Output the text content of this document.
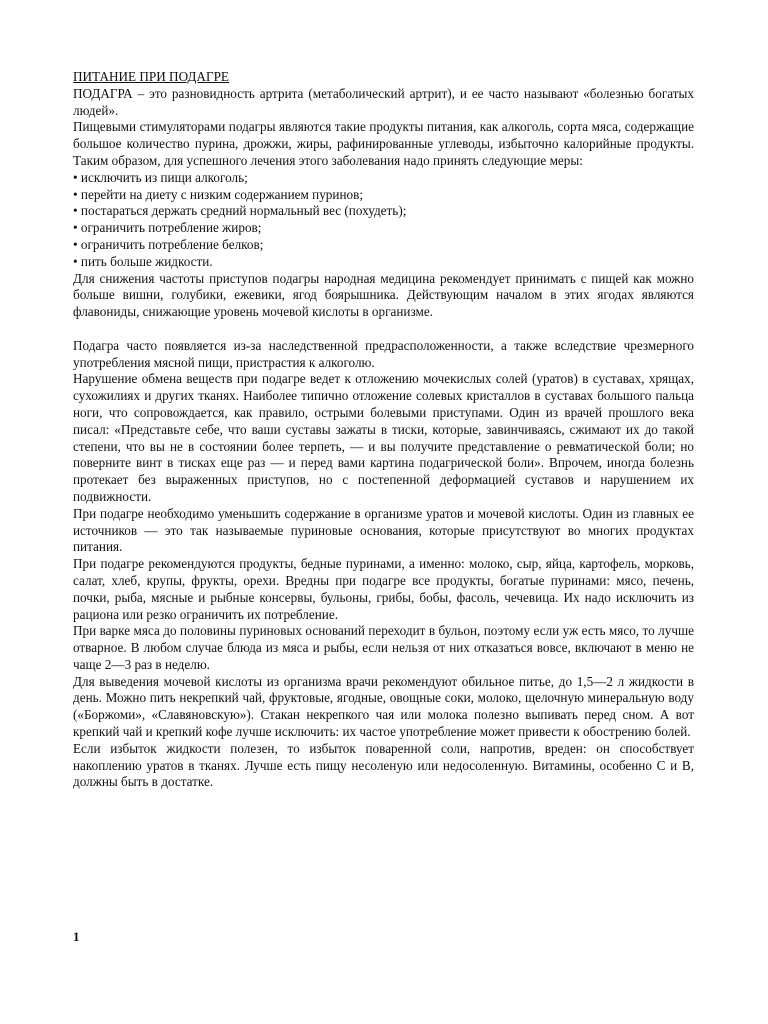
ПИТАНИЕ ПРИ ПОДАГРЕ

ПОДАГРА – это разновидность артрита (метаболический артрит), и ее часто называют «болезнью богатых людей».

Пищевыми стимуляторами подагры являются такие продукты питания, как алкоголь, сорта мяса, содержащие большое количество пурина, дрожжи, жиры, рафинированные углеводы, избыточно калорийные продукты. Таким образом, для успешного лечения этого заболевания надо принять следующие меры:

• исключить из пищи алкоголь;
• перейти на диету с низким содержанием пуринов;
• постараться держать средний нормальный вес (похудеть);
• ограничить потребление жиров;
• ограничить потребление белков;
• пить больше жидкости.

Для снижения частоты приступов подагры народная медицина рекомендует принимать с пищей как можно больше вишни, голубики, ежевики, ягод боярышника. Действующим началом в этих ягодах являются флавониды, снижающие уровень мочевой кислоты в организме.

Подагра часто появляется из-за наследственной предрасположенности, а также вследствие чрезмерного употребления мясной пищи, пристрастия к алкоголю.

Нарушение обмена веществ при подагре ведет к отложению мочекислых солей (уратов) в суставах, хрящах, сухожилиях и других тканях. Наиболее типично отложение солевых кристаллов в суставах большого пальца ноги, что сопровождается, как правило, острыми болевыми приступами. Один из врачей прошлого века писал: «Представьте себе, что ваши суставы зажаты в тиски, которые, завинчиваясь, сжимают их до такой степени, что вы не в состоянии более терпеть, — и вы получите представление о ревматической боли; но поверните винт в тисках еще раз — и перед вами картина подагрической боли». Впрочем, иногда болезнь протекает без выраженных приступов, но с постепенной деформацией суставов и нарушением их подвижности.

При подагре необходимо уменьшить содержание в организме уратов и мочевой кислоты. Один из главных ее источников — это так называемые пуриновые основания, которые присутствуют во многих продуктах питания.

При подагре рекомендуются продукты, бедные пуринами, а именно: молоко, сыр, яйца, картофель, морковь, салат, хлеб, крупы, фрукты, орехи. Вредны при подагре все продукты, богатые пуринами: мясо, печень, почки, рыба, мясные и рыбные консервы, бульоны, грибы, бобы, фасоль, чечевица. Их надо исключить из рациона или резко ограничить их потребление.

При варке мяса до половины пуриновых оснований переходит в бульон, поэтому если уж есть мясо, то лучше отварное. В любом случае блюда из мяса и рыбы, если нельзя от них отказаться вовсе, включают в меню не чаще 2—3 раз в неделю.

Для выведения мочевой кислоты из организма врачи рекомендуют обильное питье, до 1,5—2 л жидкости в день. Можно пить некрепкий чай, фруктовые, ягодные, овощные соки, молоко, щелочную минеральную воду («Боржоми», «Славяновскую»). Стакан некрепкого чая или молока полезно выпивать перед сном. А вот крепкий чай и крепкий кофе лучше исключить: их частое употребление может привести к обострению болей.

Если избыток жидкости полезен, то избыток поваренной соли, напротив, вреден: он способствует накоплению уратов в тканях. Лучше есть пищу несоленую или недосоленную. Витамины, особенно С и В, должны быть в достатке.

1
